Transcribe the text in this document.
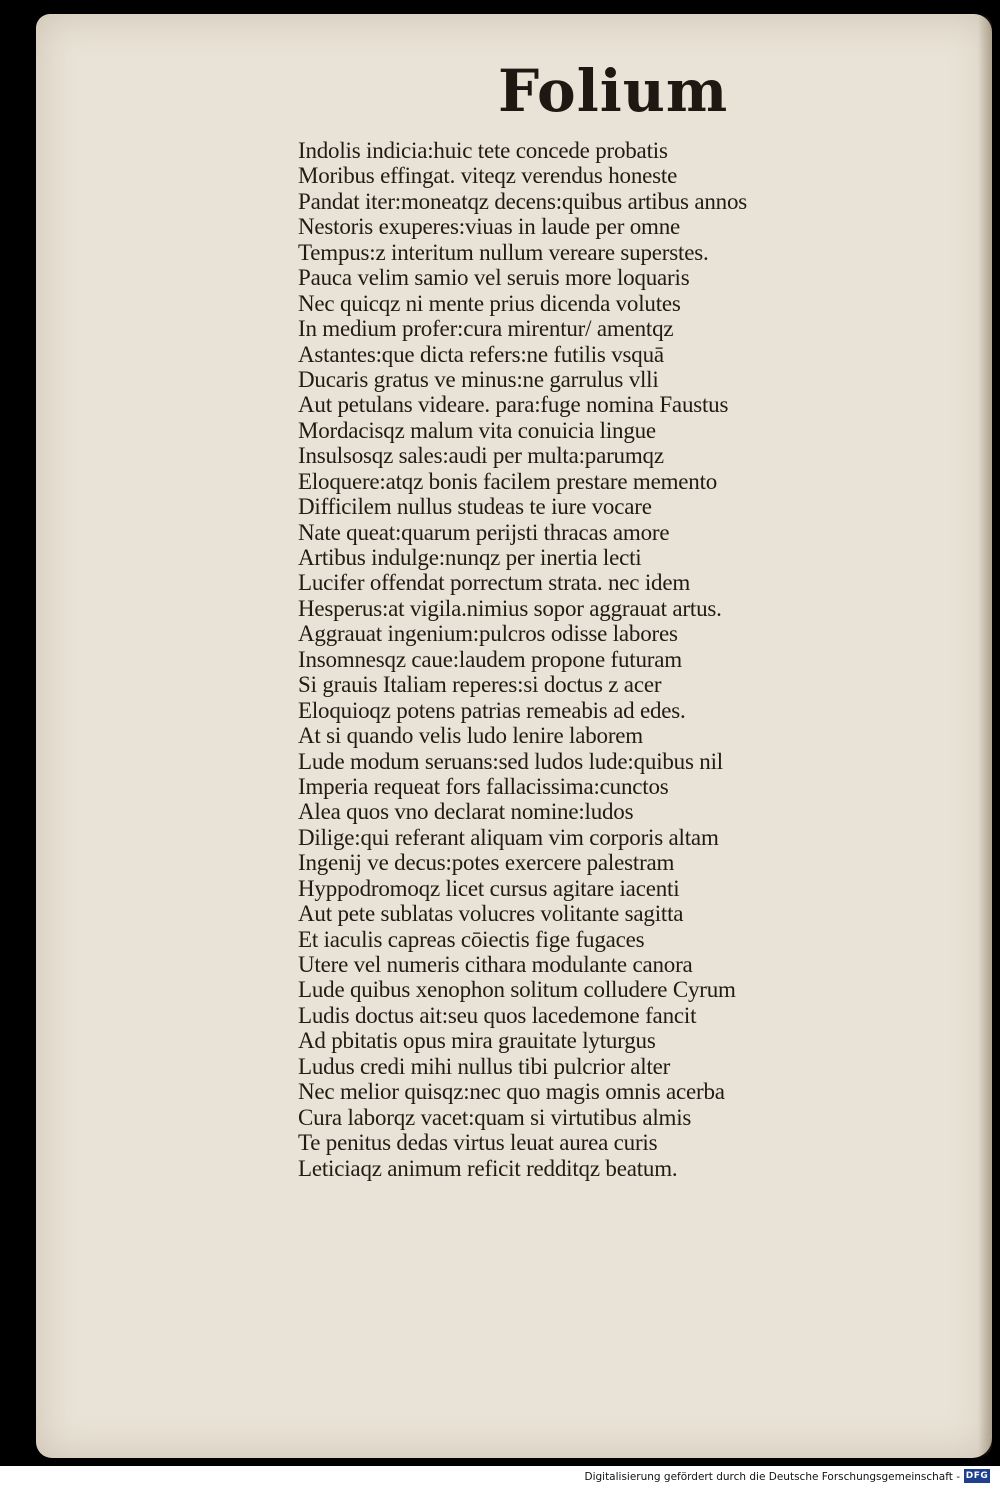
Folium
Indolis indicia:huic tete concede probatis
Moribus effingat. viteqz verendus honeste
Pandat iter:moneatqz decens:quibus artibus annos
Nestoris exuperes:viuas in laude per omne
Tempus:z interitum nullum vereare superstes.
Pauca velim samio vel seruis more loquaris
Nec quicqz ni mente prius dicenda volutes
In medium profer:cura mirentur/ amentqz
Astantes:que dicta refers:ne futilis vsquā
Ducaris gratus ve minus:ne garrulus vlli
Aut petulans videare. para:fuge nomina Faustus
Mordacisqz malum vita conuicia lingue
Insulsosqz sales:audi per multa:parumqz
Eloquere:atqz bonis facilem prestare memento
Difficilem nullus studeas te iure vocare
Nate queat:quarum perijsti thracas amore
Artibus indulge:nunqz per inertia lecti
Lucifer offendat porrectum strata. nec idem
Hesperus:at vigila.nimius sopor aggrauat artus.
Aggrauat ingenium:pulcros odisse labores
Insomnesqz caue:laudem propone futuram
Si grauis Italiam reperes:si doctus z acer
Eloquioqz potens patrias remeabis ad edes.
At si quando velis ludo lenire laborem
Lude modum seruans:sed ludos lude:quibus nil
Imperia requeat fors fallacissima:cunctos
Alea quos vno declarat nomine:ludos
Dilige:qui referant aliquam vim corporis altam
Ingenij ve decus:potes exercere palestram
Hyppodromoqz licet cursus agitare iacenti
Aut pete sublatas volucres volitante sagitta
Et iaculis capreas cōiectis fige fugaces
Utere vel numeris cithara modulante canora
Lude quibus xenophon solitum colludere Cyrum
Ludis doctus ait:seu quos lacedemone fancit
Ad pbitatis opus mira grauitate lyturgus
Ludus credi mihi nullus tibi pulcrior alter
Nec melior quisqz:nec quo magis omnis acerba
Cura laborqz vacet:quam si virtutibus almis
Te penitus dedas virtus leuat aurea curis
Leticiaqz animum reficit redditqz beatum.
Digitalisierung gefördert durch die Deutsche Forschungsgemeinschaft - DFG
